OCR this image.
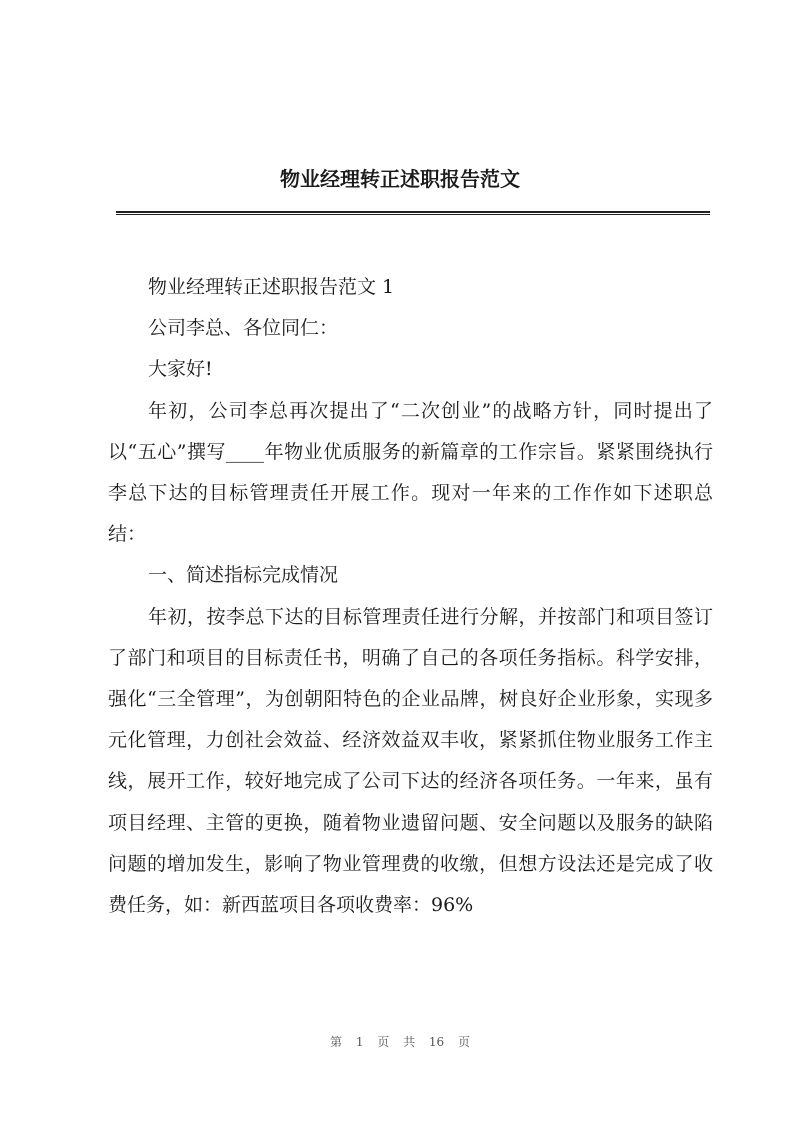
物业经理转正述职报告范文

物业经理转正述职报告范文 1

公司李总、各位同仁：

大家好!

年初，公司李总再次提出了“二次创业”的战略方针，同时提出了以“五心”撰写____年物业优质服务的新篇章的工作宗旨。紧紧围绕执行李总下达的目标管理责任开展工作。现对一年来的工作作如下述职总结：

一、简述指标完成情况

年初，按李总下达的目标管理责任进行分解，并按部门和项目签订了部门和项目的目标责任书，明确了自己的各项任务指标。科学安排，强化“三全管理”，为创朝阳特色的企业品牌，树良好企业形象，实现多元化管理，力创社会效益、经济效益双丰收，紧紧抓住物业服务工作主线，展开工作，较好地完成了公司下达的经济各项任务。一年来，虽有项目经理、主管的更换，随着物业遗留问题、安全问题以及服务的缺陷问题的增加发生，影响了物业管理费的收缴，但想方设法还是完成了收费任务，如：新西蓝项目各项收费率：96%

第 1 页 共 16 页
